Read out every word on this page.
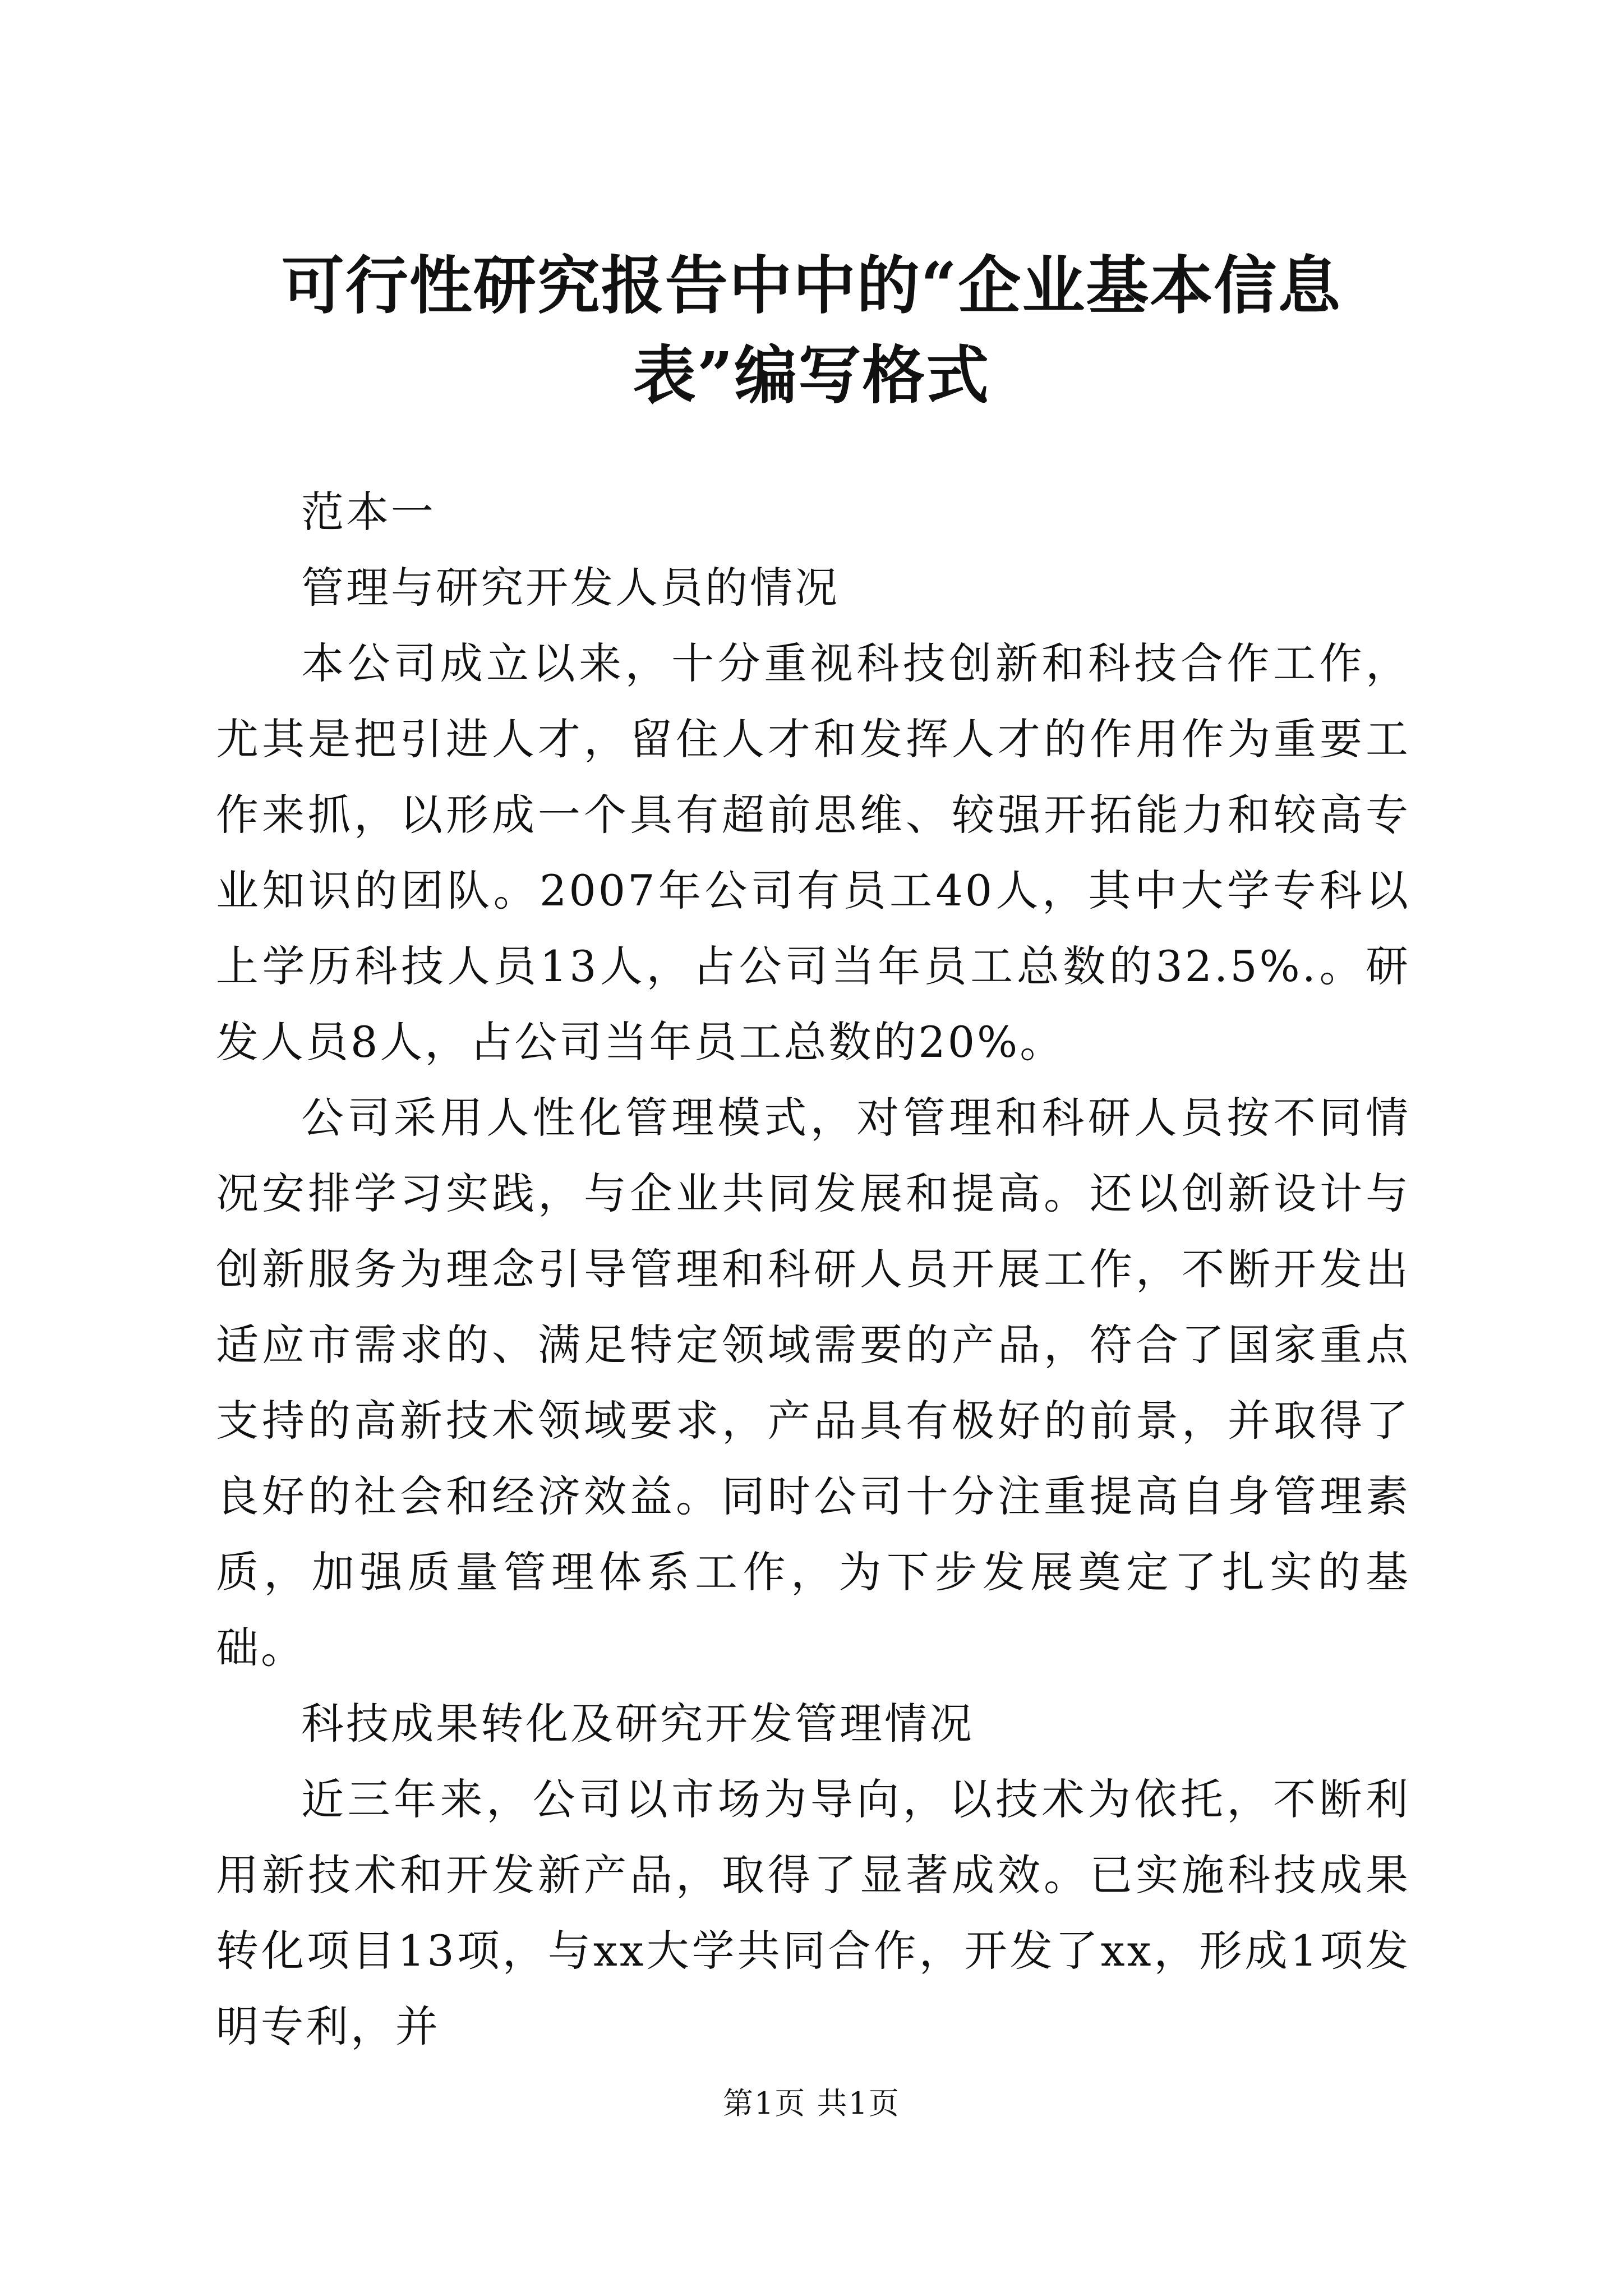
可行性研究报告中中的“企业基本信息表”编写格式

范本一

管理与研究开发人员的情况

本公司成立以来，十分重视科技创新和科技合作工作，尤其是把引进人才，留住人才和发挥人才的作用作为重要工作来抓，以形成一个具有超前思维、较强开拓能力和较高专业知识的团队。2007年公司有员工40人，其中大学专科以上学历科技人员13人，占公司当年员工总数的32.5%.。研发人员8人，占公司当年员工总数的20%。

公司采用人性化管理模式，对管理和科研人员按不同情况安排学习实践，与企业共同发展和提高。还以创新设计与创新服务为理念引导管理和科研人员开展工作，不断开发出适应市需求的、满足特定领域需要的产品，符合了国家重点支持的高新技术领域要求，产品具有极好的前景，并取得了良好的社会和经济效益。同时公司十分注重提高自身管理素质，加强质量管理体系工作，为下步发展奠定了扎实的基础。

科技成果转化及研究开发管理情况

近三年来，公司以市场为导向，以技术为依托，不断利用新技术和开发新产品，取得了显著成效。已实施科技成果转化项目13项，与xx大学共同合作，开发了xx，形成1项发明专利，并

第1页 共1页
